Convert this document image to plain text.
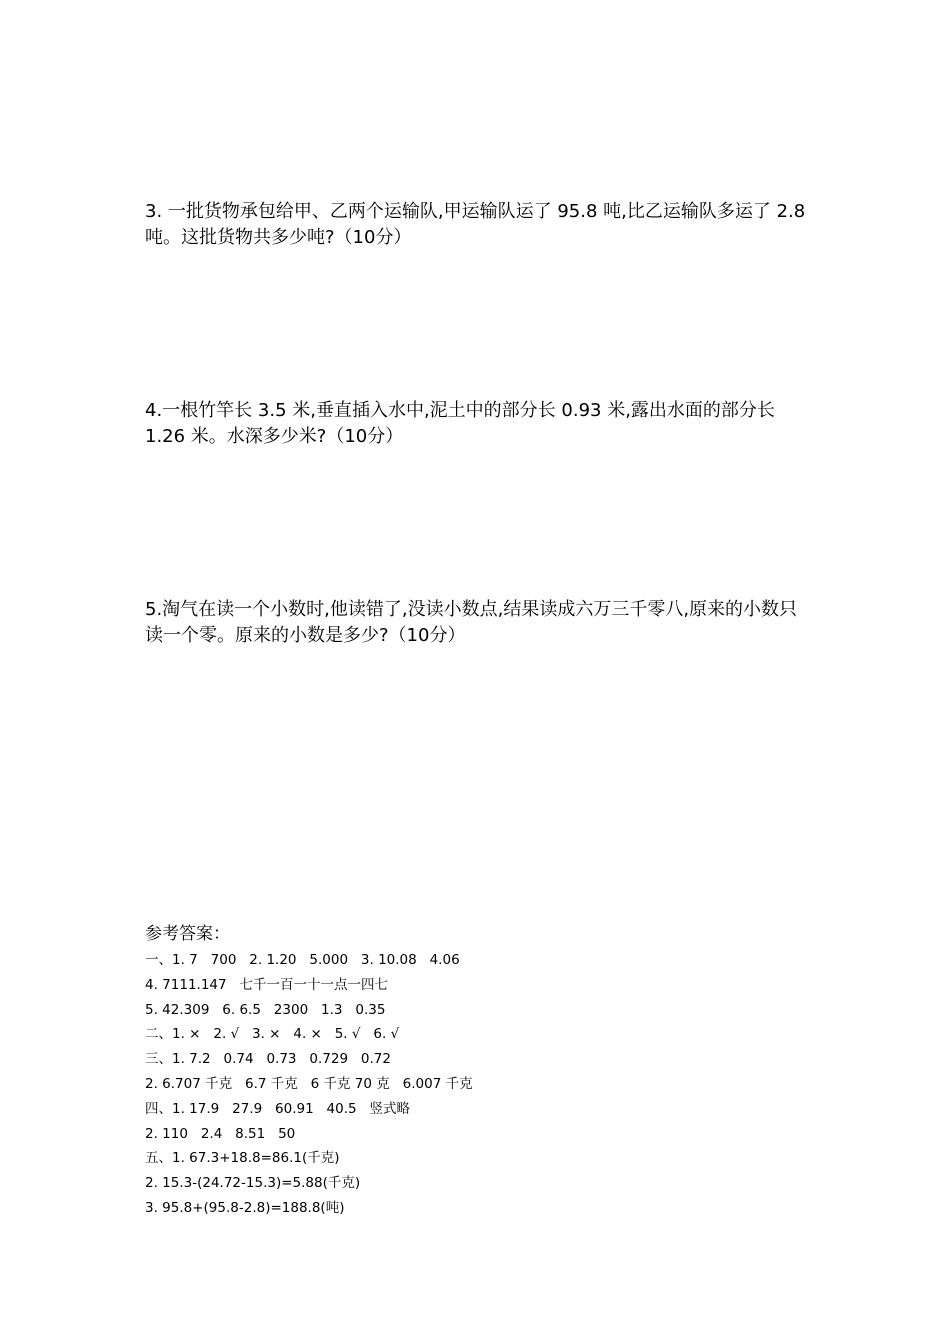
3. 一批货物承包给甲、乙两个运输队,甲运输队运了 95.8 吨,比乙运输队多运了 2.8 吨。这批货物共多少吨?（10分）
4.一根竹竿长 3.5 米,垂直插入水中,泥土中的部分长 0.93 米,露出水面的部分长 1.26 米。水深多少米?（10分）
5.淘气在读一个小数时,他读错了,没读小数点,结果读成六万三千零八,原来的小数只读一个零。原来的小数是多少?（10分）
参考答案：
一、1. 7   700   2. 1.20   5.000   3. 10.08   4.06
4. 7111.147   七千一百一十一点一四七
5. 42.309   6. 6.5   2300   1.3   0.35
二、1. ×   2. √   3. ×   4. ×   5. √   6. √
三、1. 7.2   0.74   0.73   0.729   0.72
2. 6.707 千克   6.7 千克   6 千克 70 克   6.007 千克
四、1. 17.9   27.9   60.91   40.5   竖式略
2. 110   2.4   8.51   50
五、1. 67.3+18.8=86.1(千克)
2. 15.3-(24.72-15.3)=5.88(千克)
3. 95.8+(95.8-2.8)=188.8(吨)
